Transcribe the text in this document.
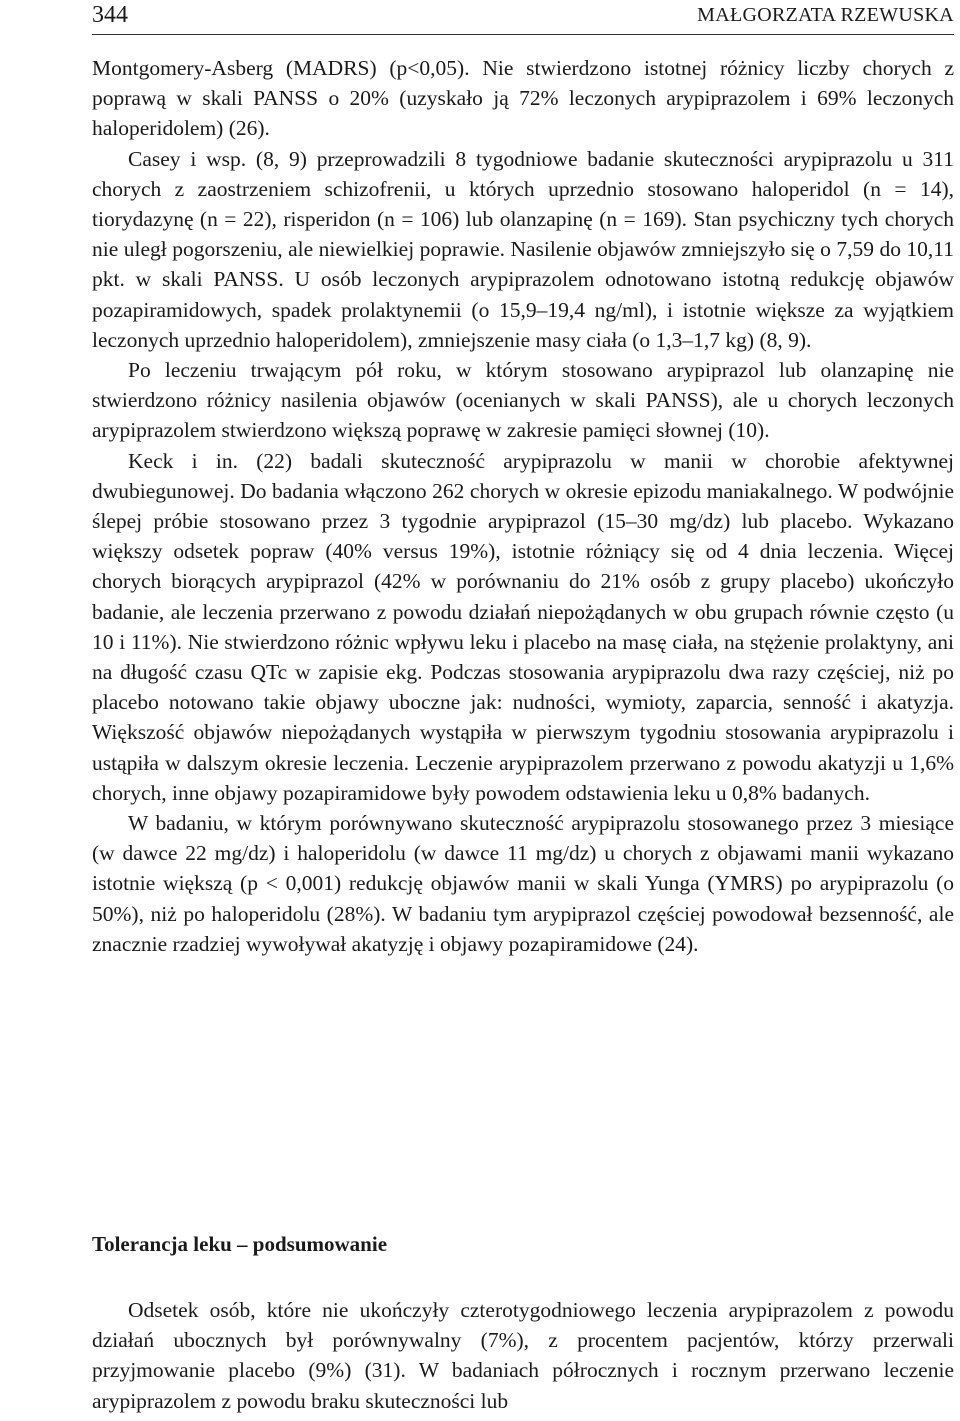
344	MAŁGORZATA RZEWUSKA

Montgomery-Asberg (MADRS) (p<0,05). Nie stwierdzono istotnej różnicy liczby chorych z poprawą w skali PANSS o 20% (uzyskało ją 72% leczonych arypiprazolem i 69% leczonych haloperidolem) (26).

Casey i wsp. (8, 9) przeprowadzili 8 tygodniowe badanie skuteczności arypiprazolu u 311 chorych z zaostrzeniem schizofrenii, u których uprzednio stosowano haloperidol (n = 14), tiorydazynę (n = 22), risperidon (n = 106) lub olanzapinę (n = 169). Stan psychiczny tych chorych nie uległ pogorszeniu, ale niewielkiej poprawie. Nasilenie objawów zmniejszyło się o 7,59 do 10,11 pkt. w skali PANSS. U osób leczonych arypiprazolem odnotowano istotną redukcję objawów pozapiramidowych, spadek prolaktynemii (o 15,9–19,4 ng/ml), i istotnie większe za wyjątkiem leczonych uprzednio haloperidolem), zmniejszenie masy ciała (o 1,3–1,7 kg) (8, 9).

Po leczeniu trwającym pół roku, w którym stosowano arypiprazol lub olanzapinę nie stwierdzono różnicy nasilenia objawów (ocenianych w skali PANSS), ale u chorych leczonych arypiprazolem stwierdzono większą poprawę w zakresie pamięci słownej (10).

Keck i in. (22) badali skuteczność arypiprazolu w manii w chorobie afektywnej dwubiegunowej. Do badania włączono 262 chorych w okresie epizodu maniakalnego. W podwójnie ślepej próbie stosowano przez 3 tygodnie arypiprazol (15–30 mg/dz) lub placebo. Wykazano większy odsetek popraw (40% versus 19%), istotnie różniący się od 4 dnia leczenia. Więcej chorych biorących arypiprazol (42% w porównaniu do 21% osób z grupy placebo) ukończyło badanie, ale leczenia przerwano z powodu działań niepożądanych w obu grupach równie często (u 10 i 11%). Nie stwierdzono różnic wpływu leku i placebo na masę ciała, na stężenie prolaktyny, ani na długość czasu QTc w zapisie ekg. Podczas stosowania arypiprazolu dwa razy częściej, niż po placebo notowano takie objawy uboczne jak: nudności, wymioty, zaparcia, senność i akatyzja. Większość objawów niepożądanych wystąpiła w pierwszym tygodniu stosowania arypiprazolu i ustąpiła w dalszym okresie leczenia. Leczenie arypiprazolem przerwano z powodu akatyzji u 1,6% chorych, inne objawy pozapiramidowe były powodem odstawienia leku u 0,8% badanych.

W badaniu, w którym porównywano skuteczność arypiprazolu stosowanego przez 3 miesiące (w dawce 22 mg/dz) i haloperidolu (w dawce 11 mg/dz) u chorych z objawami manii wykazano istotnie większą (p < 0,001) redukcję objawów manii w skali Yunga (YMRS) po arypiprazolu (o 50%), niż po haloperidolu (28%). W badaniu tym arypiprazol częściej powodował bezsenność, ale znacznie rzadziej wywoływał akatyzję i objawy pozapiramidowe (24).

Tolerancja leku – podsumowanie

Odsetek osób, które nie ukończyły czterotygodniowego leczenia arypiprazolem z powodu działań ubocznych był porównywalny (7%), z procentem pacjentów, którzy przerwali przyjmowanie placebo (9%) (31). W badaniach półrocznych i rocznym przerwano leczenie arypiprazolem z powodu braku skuteczności lub
